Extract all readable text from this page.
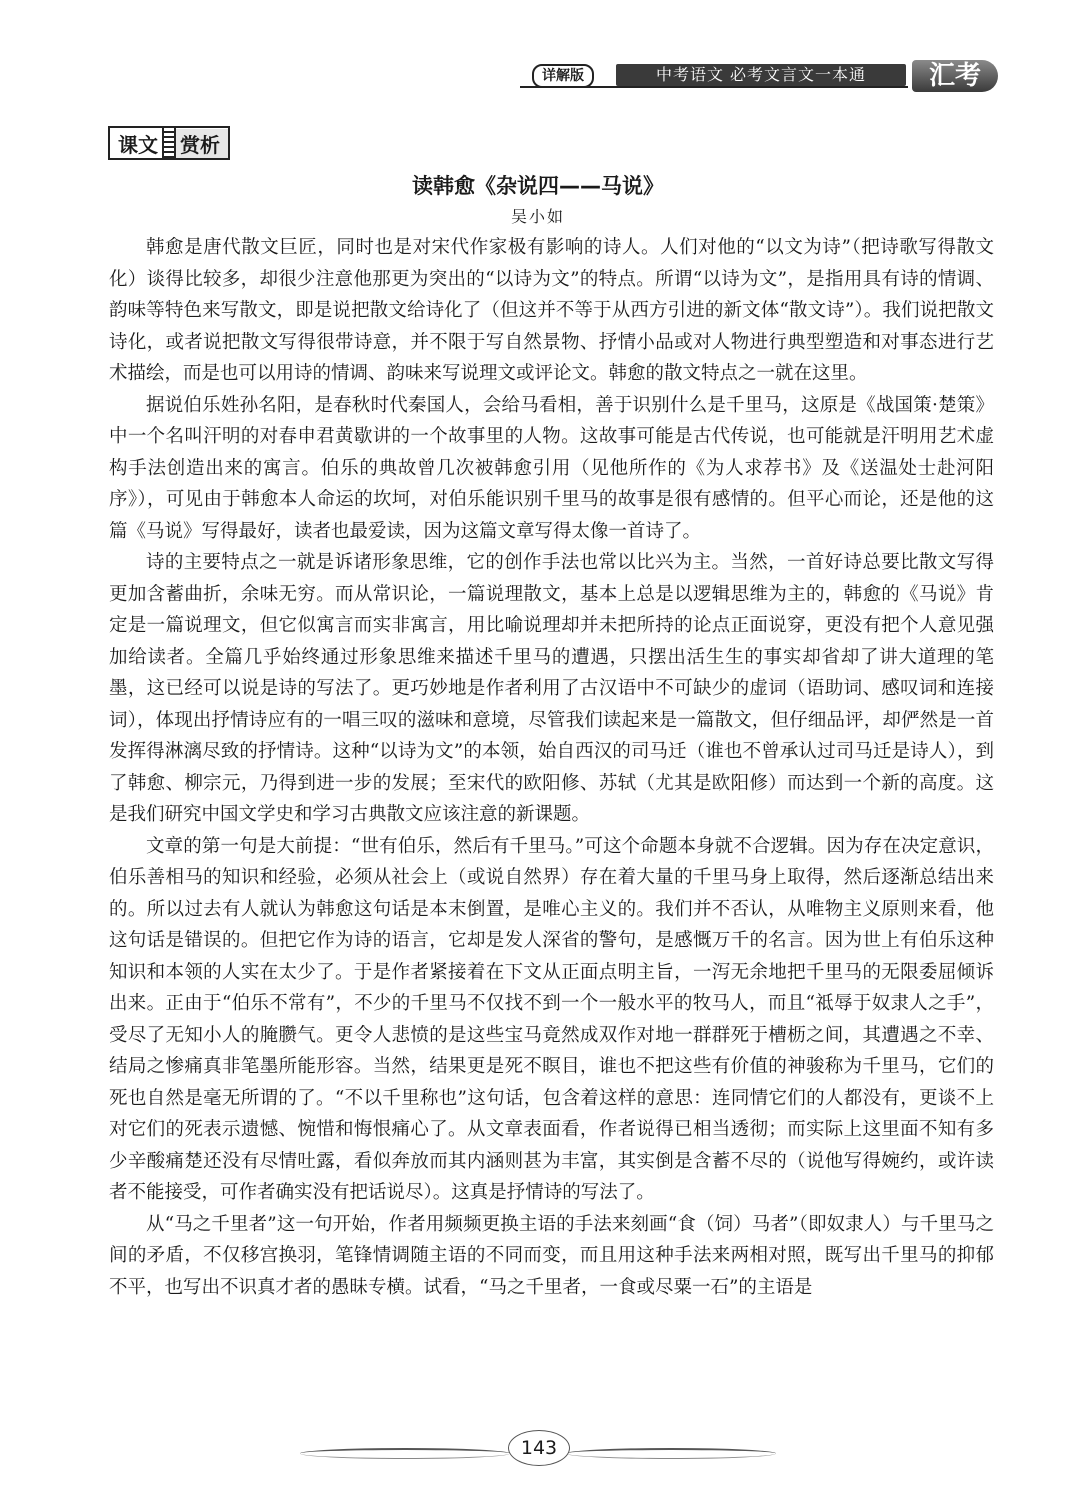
详解版	中考语文 必考文言文一本通	汇考
课文 赏析
读韩愈《杂说四——马说》
吴小如

韩愈是唐代散文巨匠，同时也是对宋代作家极有影响的诗人。人们对他的“以文为诗”（把诗歌写得散文化）谈得比较多，却很少注意他那更为突出的“以诗为文”的特点。所谓“以诗为文”，是指用具有诗的情调、韵味等特色来写散文，即是说把散文给诗化了（但这并不等于从西方引进的新文体“散文诗”）。我们说把散文诗化，或者说把散文写得很带诗意，并不限于写自然景物、抒情小品或对人物进行典型塑造和对事态进行艺术描绘，而是也可以用诗的情调、韵味来写说理文或评论文。韩愈的散文特点之一就在这里。

据说伯乐姓孙名阳，是春秋时代秦国人，会给马看相，善于识别什么是千里马，这原是《战国策·楚策》中一个名叫汗明的对春申君黄歇讲的一个故事里的人物。这故事可能是古代传说，也可能就是汗明用艺术虚构手法创造出来的寓言。伯乐的典故曾几次被韩愈引用（见他所作的《为人求荐书》及《送温处士赴河阳序》），可见由于韩愈本人命运的坎坷，对伯乐能识别千里马的故事是很有感情的。但平心而论，还是他的这篇《马说》写得最好，读者也最爱读，因为这篇文章写得太像一首诗了。

诗的主要特点之一就是诉诸形象思维，它的创作手法也常以比兴为主。当然，一首好诗总要比散文写得更加含蓄曲折，余味无穷。而从常识论，一篇说理散文，基本上总是以逻辑思维为主的，韩愈的《马说》肯定是一篇说理文，但它似寓言而实非寓言，用比喻说理却并未把所持的论点正面说穿，更没有把个人意见强加给读者。全篇几乎始终通过形象思维来描述千里马的遭遇，只摆出活生生的事实却省却了讲大道理的笔墨，这已经可以说是诗的写法了。更巧妙地是作者利用了古汉语中不可缺少的虚词（语助词、感叹词和连接词），体现出抒情诗应有的一唱三叹的滋味和意境，尽管我们读起来是一篇散文，但仔细品评，却俨然是一首发挥得淋漓尽致的抒情诗。这种“以诗为文”的本领，始自西汉的司马迁（谁也不曾承认过司马迁是诗人），到了韩愈、柳宗元，乃得到进一步的发展；至宋代的欧阳修、苏轼（尤其是欧阳修）而达到一个新的高度。这是我们研究中国文学史和学习古典散文应该注意的新课题。

文章的第一句是大前提：“世有伯乐，然后有千里马。”可这个命题本身就不合逻辑。因为存在决定意识，伯乐善相马的知识和经验，必须从社会上（或说自然界）存在着大量的千里马身上取得，然后逐渐总结出来的。所以过去有人就认为韩愈这句话是本末倒置，是唯心主义的。我们并不否认，从唯物主义原则来看，他这句话是错误的。但把它作为诗的语言，它却是发人深省的警句，是感慨万千的名言。因为世上有伯乐这种知识和本领的人实在太少了。于是作者紧接着在下文从正面点明主旨，一泻无余地把千里马的无限委屈倾诉出来。正由于“伯乐不常有”，不少的千里马不仅找不到一个一般水平的牧马人，而且“祗辱于奴隶人之手”，受尽了无知小人的腌臜气。更令人悲愤的是这些宝马竟然成双作对地一群群死于槽枥之间，其遭遇之不幸、结局之惨痛真非笔墨所能形容。当然，结果更是死不瞑目，谁也不把这些有价值的神骏称为千里马，它们的死也自然是毫无所谓的了。“不以千里称也”这句话，包含着这样的意思：连同情它们的人都没有，更谈不上对它们的死表示遗憾、惋惜和悔恨痛心了。从文章表面看，作者说得已相当透彻；而实际上这里面不知有多少辛酸痛楚还没有尽情吐露，看似奔放而其内涵则甚为丰富，其实倒是含蓄不尽的（说他写得婉约，或许读者不能接受，可作者确实没有把话说尽）。这真是抒情诗的写法了。

从“马之千里者”这一句开始，作者用频频更换主语的手法来刻画“食（饲）马者”（即奴隶人）与千里马之间的矛盾，不仅移宫换羽，笔锋情调随主语的不同而变，而且用这种手法来两相对照，既写出千里马的抑郁不平，也写出不识真才者的愚昧专横。试看，“马之千里者，一食或尽粟一石”的主语是

143
